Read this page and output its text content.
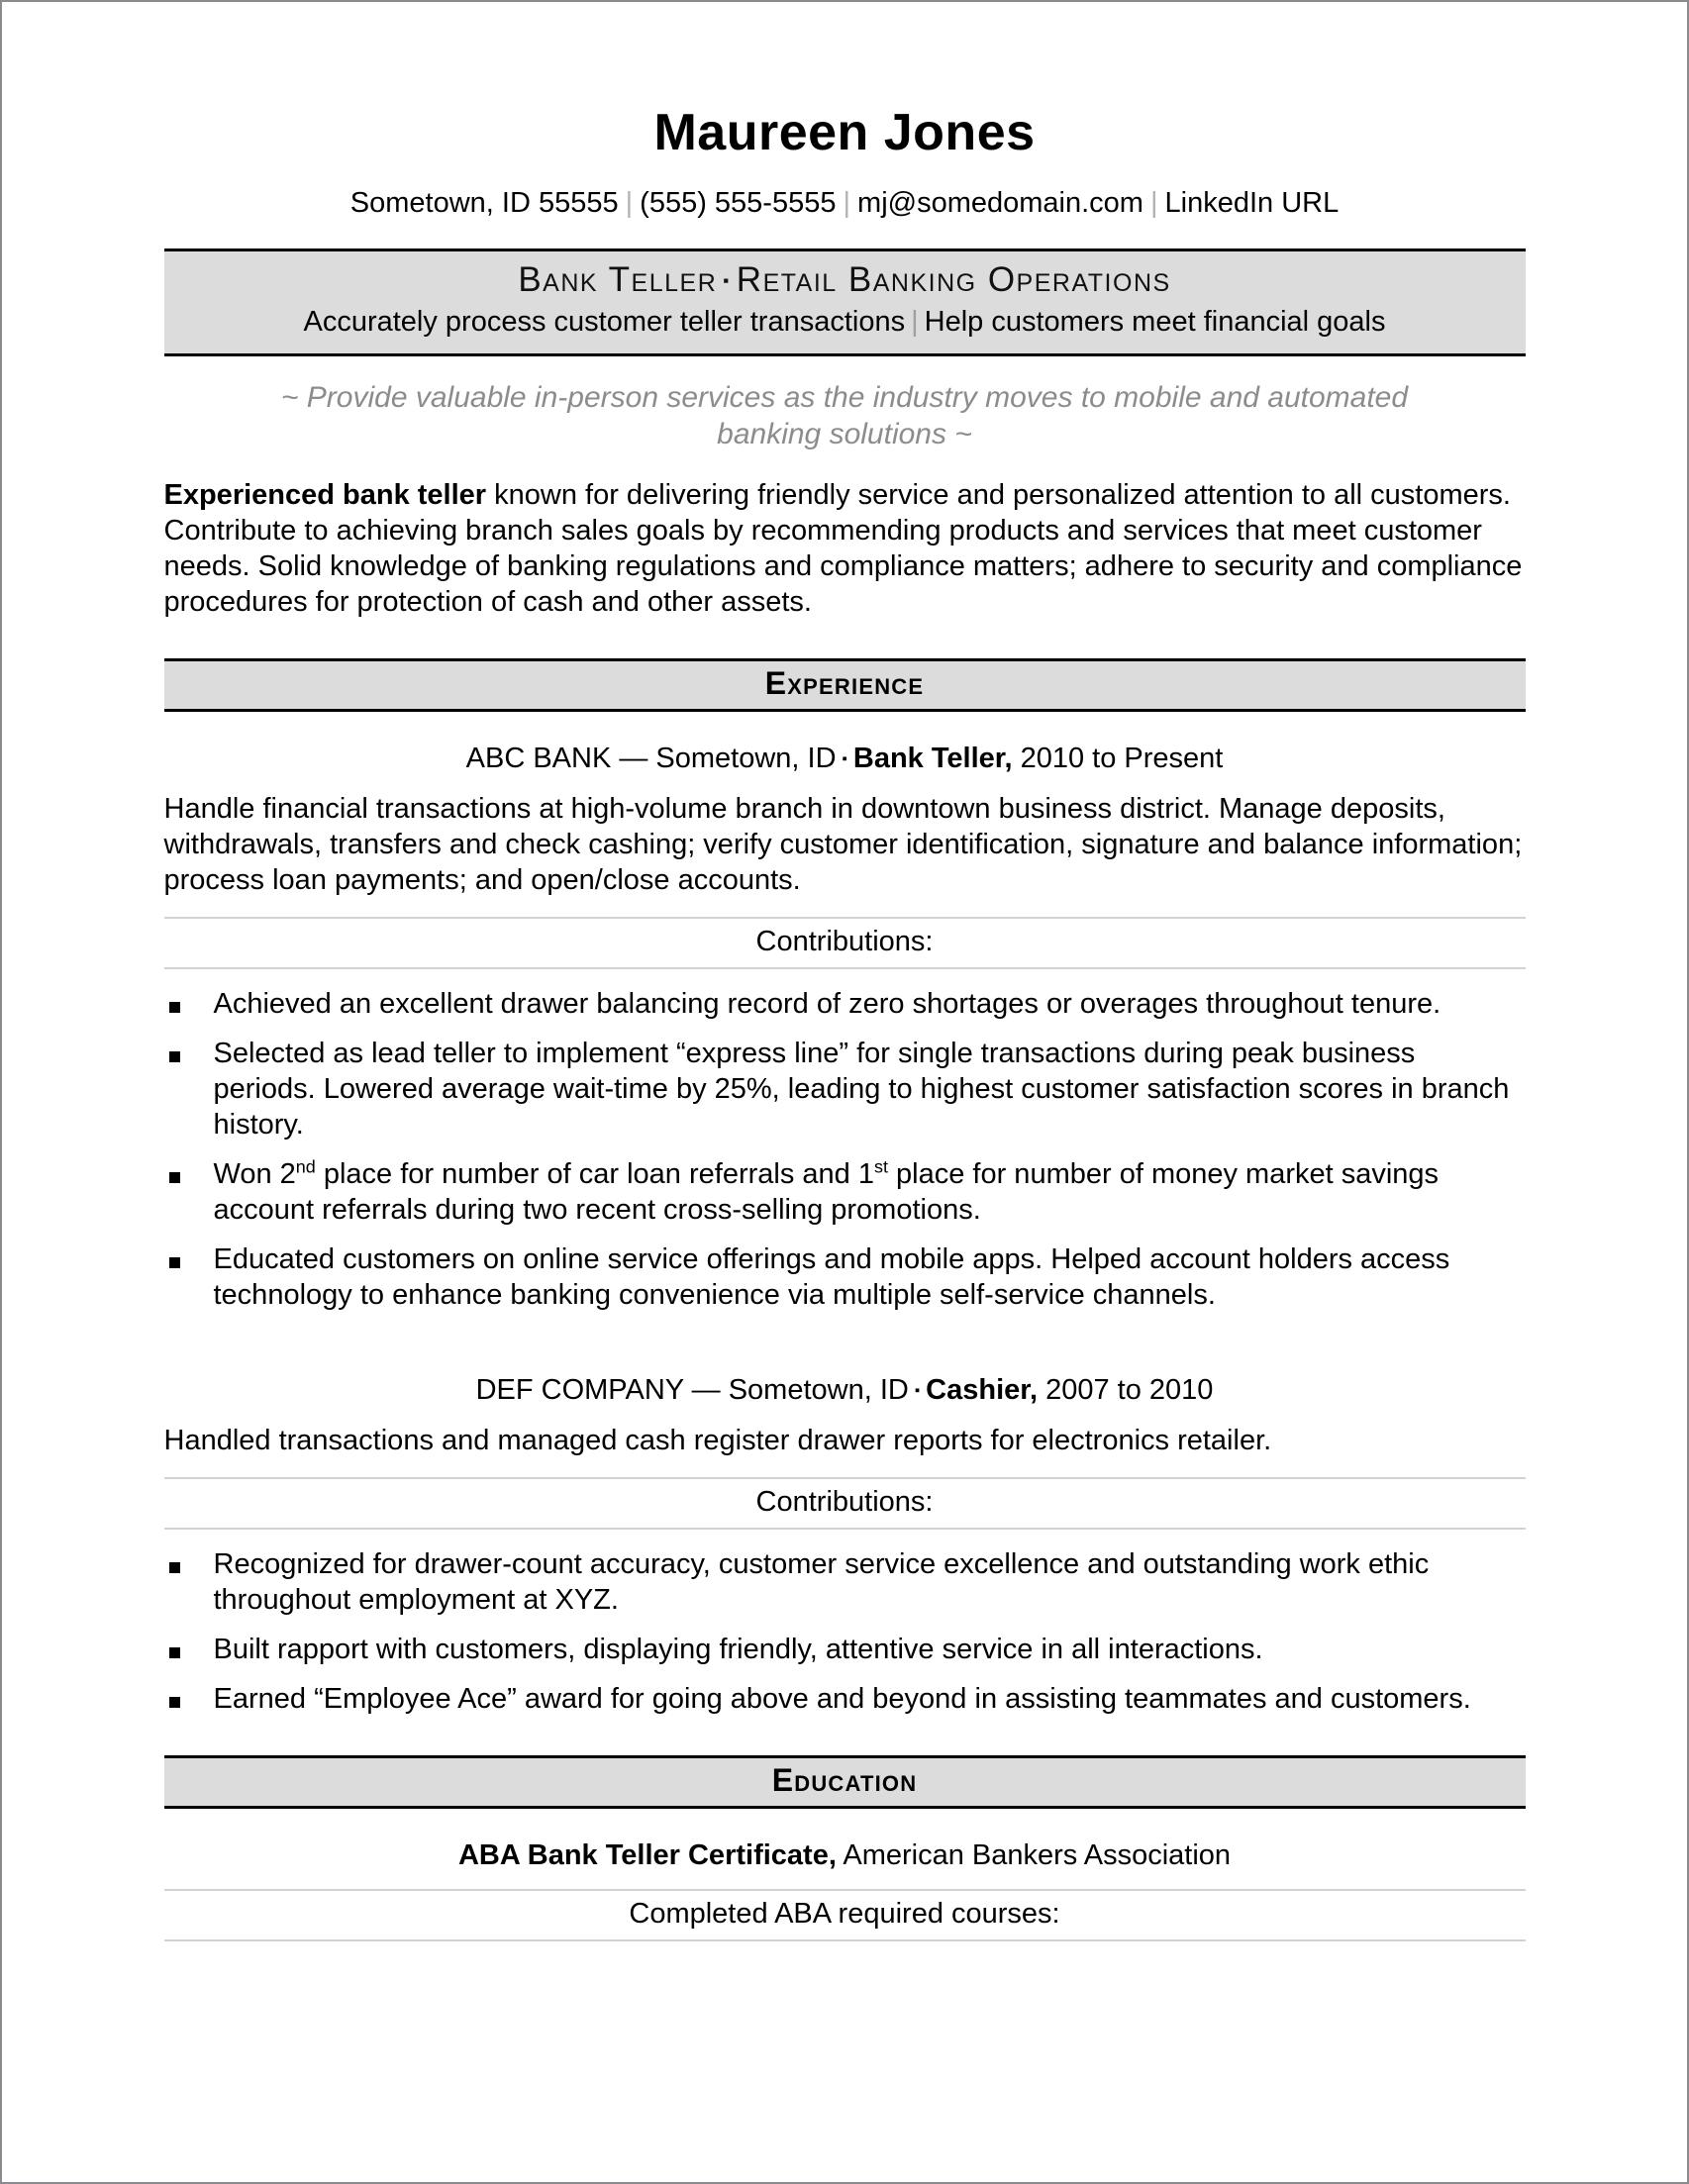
Maureen Jones
Sometown, ID 55555 | (555) 555-5555 | mj@somedomain.com | LinkedIn URL
Bank Teller ▪ Retail Banking Operations
Accurately process customer teller transactions | Help customers meet financial goals
~ Provide valuable in-person services as the industry moves to mobile and automated banking solutions ~
Experienced bank teller known for delivering friendly service and personalized attention to all customers. Contribute to achieving branch sales goals by recommending products and services that meet customer needs. Solid knowledge of banking regulations and compliance matters; adhere to security and compliance procedures for protection of cash and other assets.
Experience
ABC BANK — Sometown, ID ▪ Bank Teller, 2010 to Present
Handle financial transactions at high-volume branch in downtown business district. Manage deposits, withdrawals, transfers and check cashing; verify customer identification, signature and balance information; process loan payments; and open/close accounts.
Contributions:
Achieved an excellent drawer balancing record of zero shortages or overages throughout tenure.
Selected as lead teller to implement “express line” for single transactions during peak business periods. Lowered average wait-time by 25%, leading to highest customer satisfaction scores in branch history.
Won 2nd place for number of car loan referrals and 1st place for number of money market savings account referrals during two recent cross-selling promotions.
Educated customers on online service offerings and mobile apps. Helped account holders access technology to enhance banking convenience via multiple self-service channels.
DEF COMPANY — Sometown, ID ▪ Cashier, 2007 to 2010
Handled transactions and managed cash register drawer reports for electronics retailer.
Contributions:
Recognized for drawer-count accuracy, customer service excellence and outstanding work ethic throughout employment at XYZ.
Built rapport with customers, displaying friendly, attentive service in all interactions.
Earned “Employee Ace” award for going above and beyond in assisting teammates and customers.
Education
ABA Bank Teller Certificate, American Bankers Association
Completed ABA required courses:
